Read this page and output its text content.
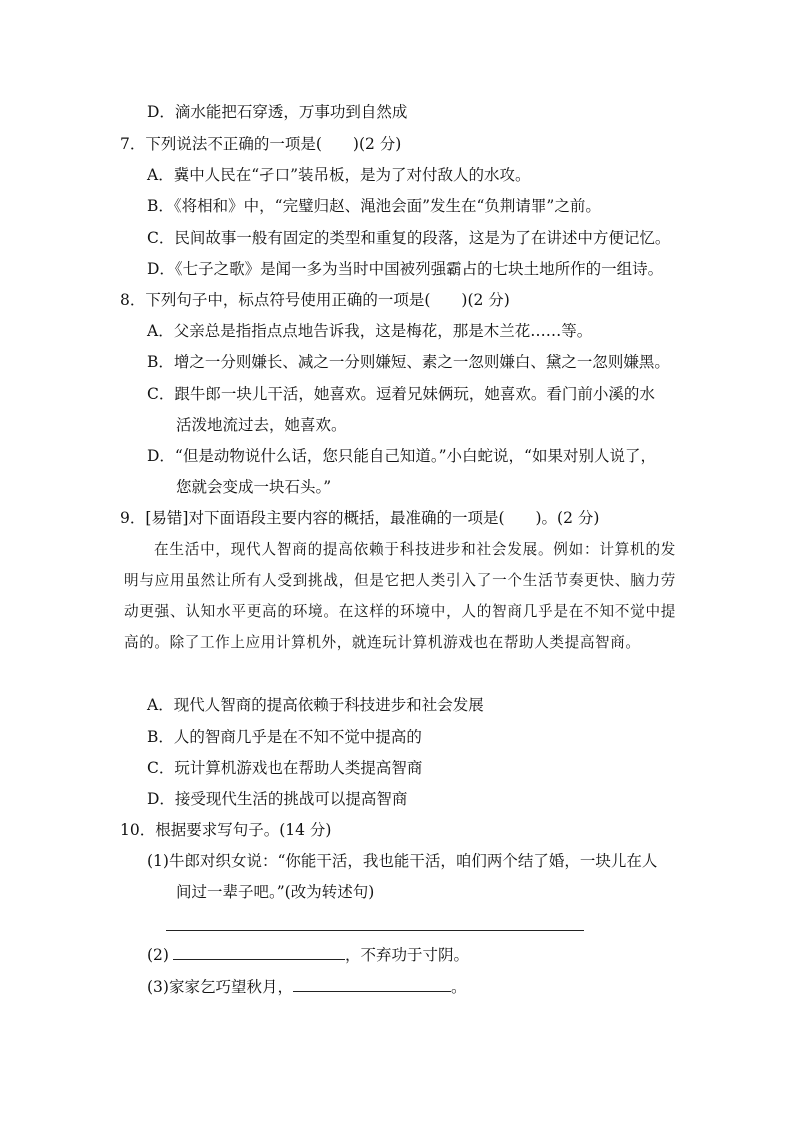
D．滴水能把石穿透，万事功到自然成
7．下列说法不正确的一项是(　　)(2 分)
A．冀中人民在“孑口”装吊板，是为了对付敌人的水攻。
B．《将相和》中，“完璧归赵、渑池会面”发生在“负荆请罪”之前。
C．民间故事一般有固定的类型和重复的段落，这是为了在讲述中方便记忆。
D．《七子之歌》是闻一多为当时中国被列强霸占的七块土地所作的一组诗。
8．下列句子中，标点符号使用正确的一项是(　　)(2 分)
A．父亲总是指指点点地告诉我，这是梅花，那是木兰花……等。
B．增之一分则嫌长、减之一分则嫌短、素之一忽则嫌白、黛之一忽则嫌黑。
C．跟牛郎一块儿干活，她喜欢。逗着兄妹俩玩，她喜欢。看门前小溪的水
活泼地流过去，她喜欢。
D．“但是动物说什么话，您只能自己知道。”小白蛇说，“如果对别人说了，
您就会变成一块石头。”
9．[易错]对下面语段主要内容的概括，最准确的一项是(　　)。(2 分)
在生活中，现代人智商的提高依赖于科技进步和社会发展。例如：计算机的发明与应用虽然让所有人受到挑战，但是它把人类引入了一个生活节奏更快、脑力劳动更强、认知水平更高的环境。在这样的环境中，人的智商几乎是在不知不觉中提高的。除了工作上应用计算机外，就连玩计算机游戏也在帮助人类提高智商。
A．现代人智商的提高依赖于科技进步和社会发展
B．人的智商几乎是在不知不觉中提高的
C．玩计算机游戏也在帮助人类提高智商
D．接受现代生活的挑战可以提高智商
10．根据要求写句子。(14 分)
(1)牛郎对织女说：“你能干活，我也能干活，咱们两个结了婚，一块儿在人
间过一辈子吧。”(改为转述句)
(2)	，不弃功于寸阴。
(3)家家乞巧望秋月，	。
